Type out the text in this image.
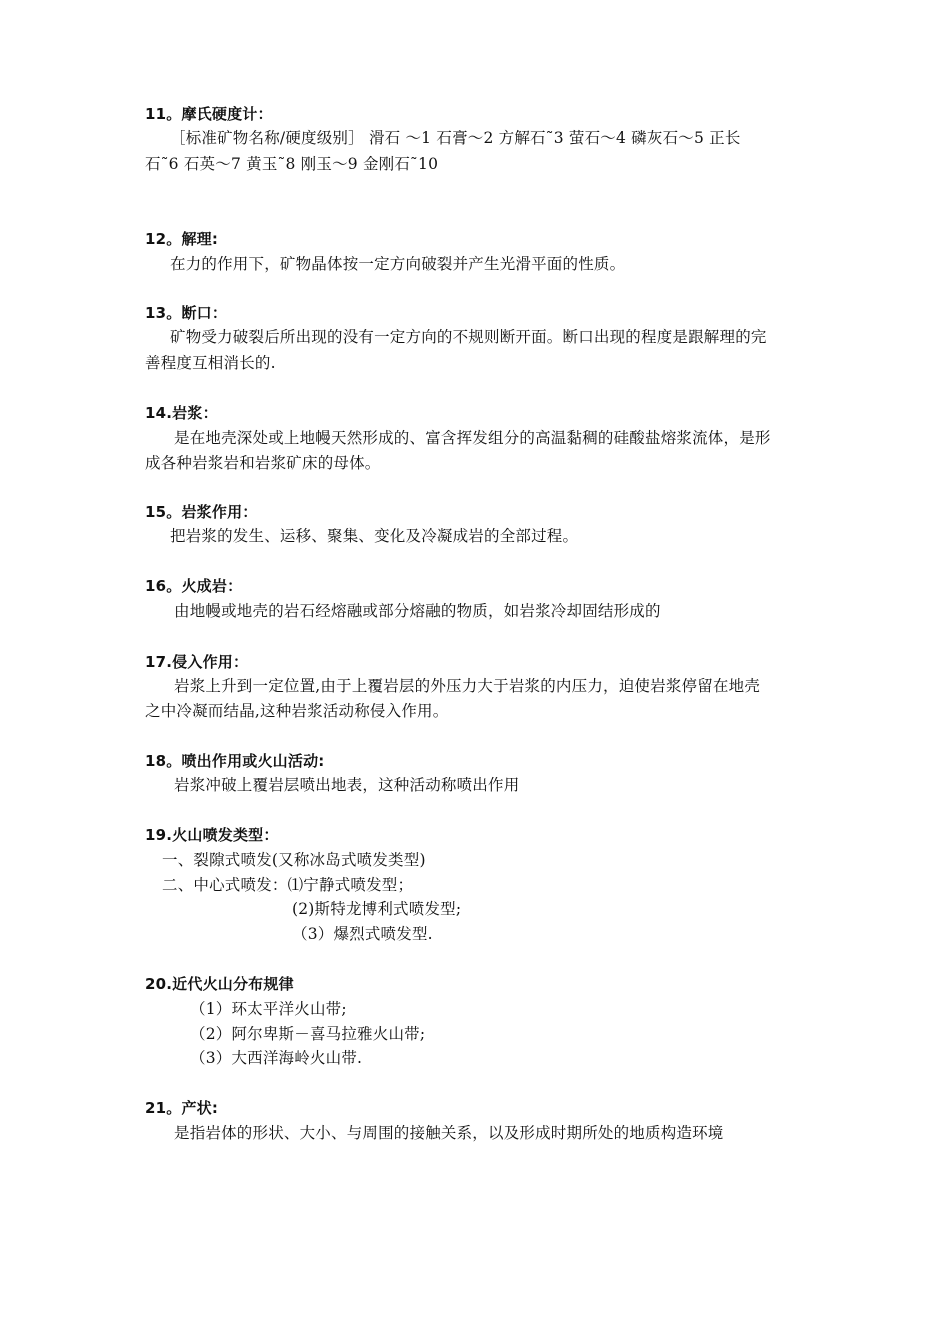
11。摩氏硬度计：
［标准矿物名称/硬度级别］ 滑石 ～1 石膏～2 方解石˜3 萤石～4 磷灰石～5 正长
石˜6 石英～7 黄玉˜8 刚玉～9 金刚石˜10
12。解理:
在力的作用下，矿物晶体按一定方向破裂并产生光滑平面的性质。
13。断口：
矿物受力破裂后所出现的没有一定方向的不规则断开面。断口出现的程度是跟解理的完
善程度互相消长的.
14.岩浆：
是在地壳深处或上地幔天然形成的、富含挥发组分的高温黏稠的硅酸盐熔浆流体，是形
成各种岩浆岩和岩浆矿床的母体。
15。岩浆作用：
把岩浆的发生、运移、聚集、变化及冷凝成岩的全部过程。
16。火成岩：
由地幔或地壳的岩石经熔融或部分熔融的物质，如岩浆冷却固结形成的
17.侵入作用：
岩浆上升到一定位置,由于上覆岩层的外压力大于岩浆的内压力，迫使岩浆停留在地壳
之中冷凝而结晶,这种岩浆活动称侵入作用。
18。喷出作用或火山活动:
岩浆冲破上覆岩层喷出地表，这种活动称喷出作用
19.火山喷发类型：
一、裂隙式喷发(又称冰岛式喷发类型)
二、中心式喷发：⑴宁静式喷发型；
(2)斯特龙博利式喷发型;
（3）爆烈式喷发型.
20.近代火山分布规律
（1）环太平洋火山带;
（2）阿尔卑斯－喜马拉雅火山带;
（3）大西洋海岭火山带.
21。产状:
是指岩体的形状、大小、与周围的接触关系，以及形成时期所处的地质构造环境
